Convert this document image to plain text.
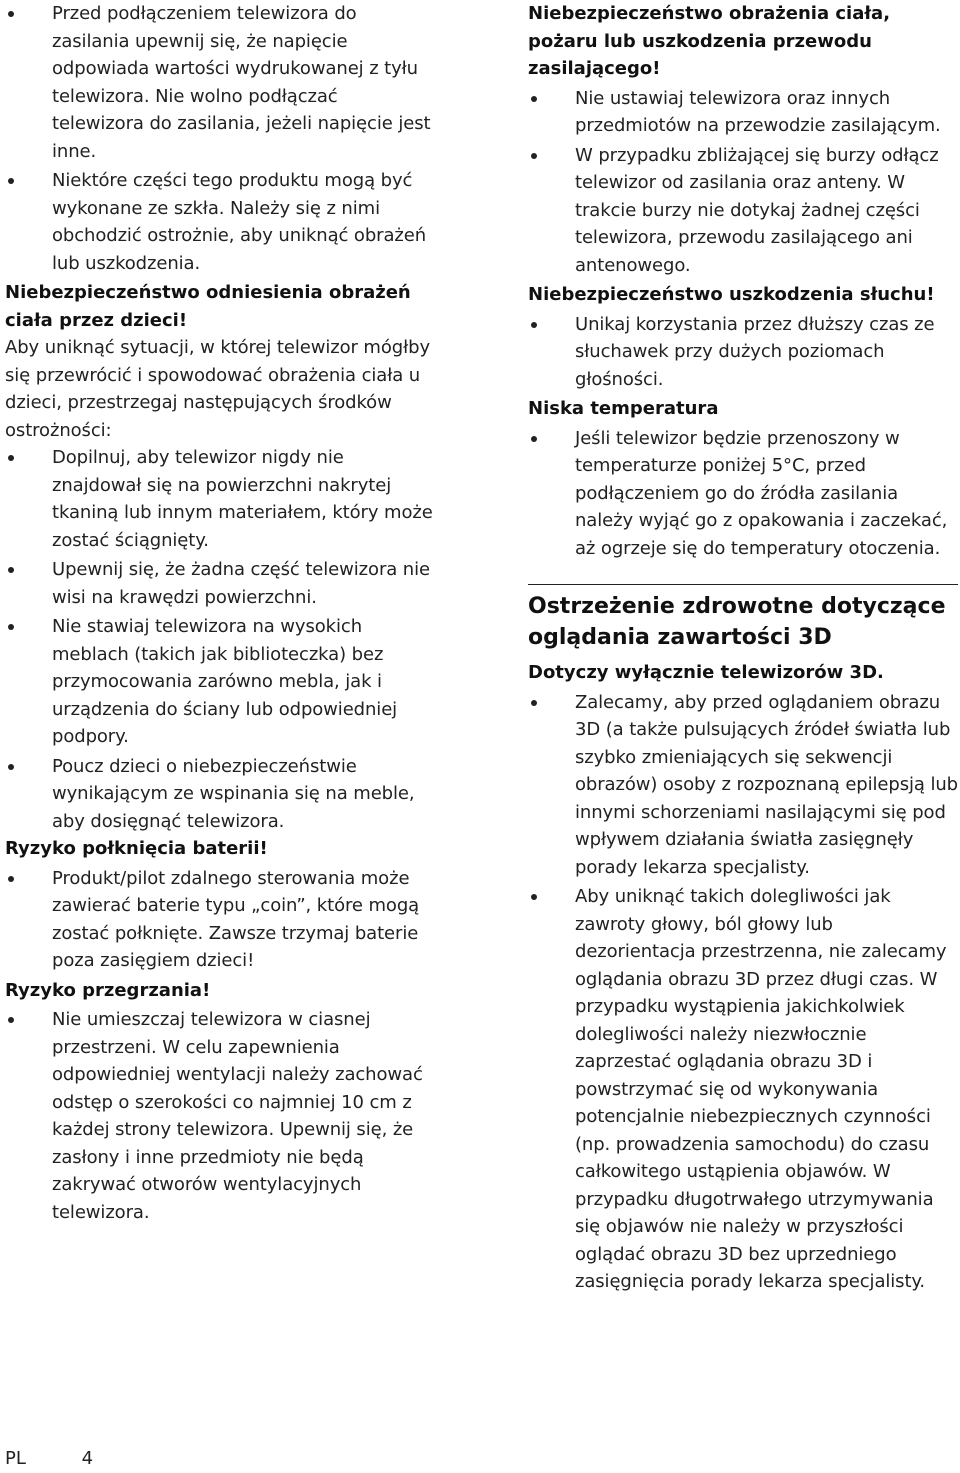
Przed podłączeniem telewizora do zasilania upewnij się, że napięcie odpowiada wartości wydrukowanej z tyłu telewizora. Nie wolno podłączać telewizora do zasilania, jeżeli napięcie jest inne.

Niektóre części tego produktu mogą być wykonane ze szkła. Należy się z nimi obchodzić ostrożnie, aby uniknąć obrażeń lub uszkodzenia.

Niebezpieczeństwo odniesienia obrażeń ciała przez dzieci!

Aby uniknąć sytuacji, w której telewizor mógłby się przewrócić i spowodować obrażenia ciała u dzieci, przestrzegaj następujących środków ostrożności:

Dopilnuj, aby telewizor nigdy nie znajdował się na powierzchni nakrytej tkaniną lub innym materiałem, który może zostać ściągnięty.

Upewnij się, że żadna część telewizora nie wisi na krawędzi powierzchni.

Nie stawiaj telewizora na wysokich meblach (takich jak biblioteczka) bez przymocowania zarówno mebla, jak i urządzenia do ściany lub odpowiedniej podpory.

Poucz dzieci o niebezpieczeństwie wynikającym ze wspinania się na meble, aby dosięgnąć telewizora.

Ryzyko połknięcia baterii!

Produkt/pilot zdalnego sterowania może zawierać baterie typu „coin”, które mogą zostać połknięte. Zawsze trzymaj baterie poza zasięgiem dzieci!

Ryzyko przegrzania!

Nie umieszczaj telewizora w ciasnej przestrzeni. W celu zapewnienia odpowiedniej wentylacji należy zachować odstęp o szerokości co najmniej 10 cm z każdej strony telewizora. Upewnij się, że zasłony i inne przedmioty nie będą zakrywać otworów wentylacyjnych telewizora.

Niebezpieczeństwo obrażenia ciała, pożaru lub uszkodzenia przewodu zasilającego!

Nie ustawiaj telewizora oraz innych przedmiotów na przewodzie zasilającym.

W przypadku zbliżającej się burzy odłącz telewizor od zasilania oraz anteny. W trakcie burzy nie dotykaj żadnej części telewizora, przewodu zasilającego ani antenowego.

Niebezpieczeństwo uszkodzenia słuchu!

Unikaj korzystania przez dłuższy czas ze słuchawek przy dużych poziomach głośności.

Niska temperatura

Jeśli telewizor będzie przenoszony w temperaturze poniżej 5°C, przed podłączeniem go do źródła zasilania należy wyjąć go z opakowania i zaczekać, aż ogrzeje się do temperatury otoczenia.

Ostrzeżenie zdrowotne dotyczące oglądania zawartości 3D

Dotyczy wyłącznie telewizorów 3D.

Zalecamy, aby przed oglądaniem obrazu 3D (a także pulsujących źródeł światła lub szybko zmieniających się sekwencji obrazów) osoby z rozpoznaną epilepsją lub innymi schorzeniami nasilającymi się pod wpływem działania światła zasięgnęły porady lekarza specjalisty.

Aby uniknąć takich dolegliwości jak zawroty głowy, ból głowy lub dezorientacja przestrzenna, nie zalecamy oglądania obrazu 3D przez długi czas. W przypadku wystąpienia jakichkolwiek dolegliwości należy niezwłocznie zaprzestać oglądania obrazu 3D i powstrzymać się od wykonywania potencjalnie niebezpiecznych czynności (np. prowadzenia samochodu) do czasu całkowitego ustąpienia objawów. W przypadku długotrwałego utrzymywania się objawów nie należy w przyszłości oglądać obrazu 3D bez uprzedniego zasięgnięcia porady lekarza specjalisty.

PL	4
